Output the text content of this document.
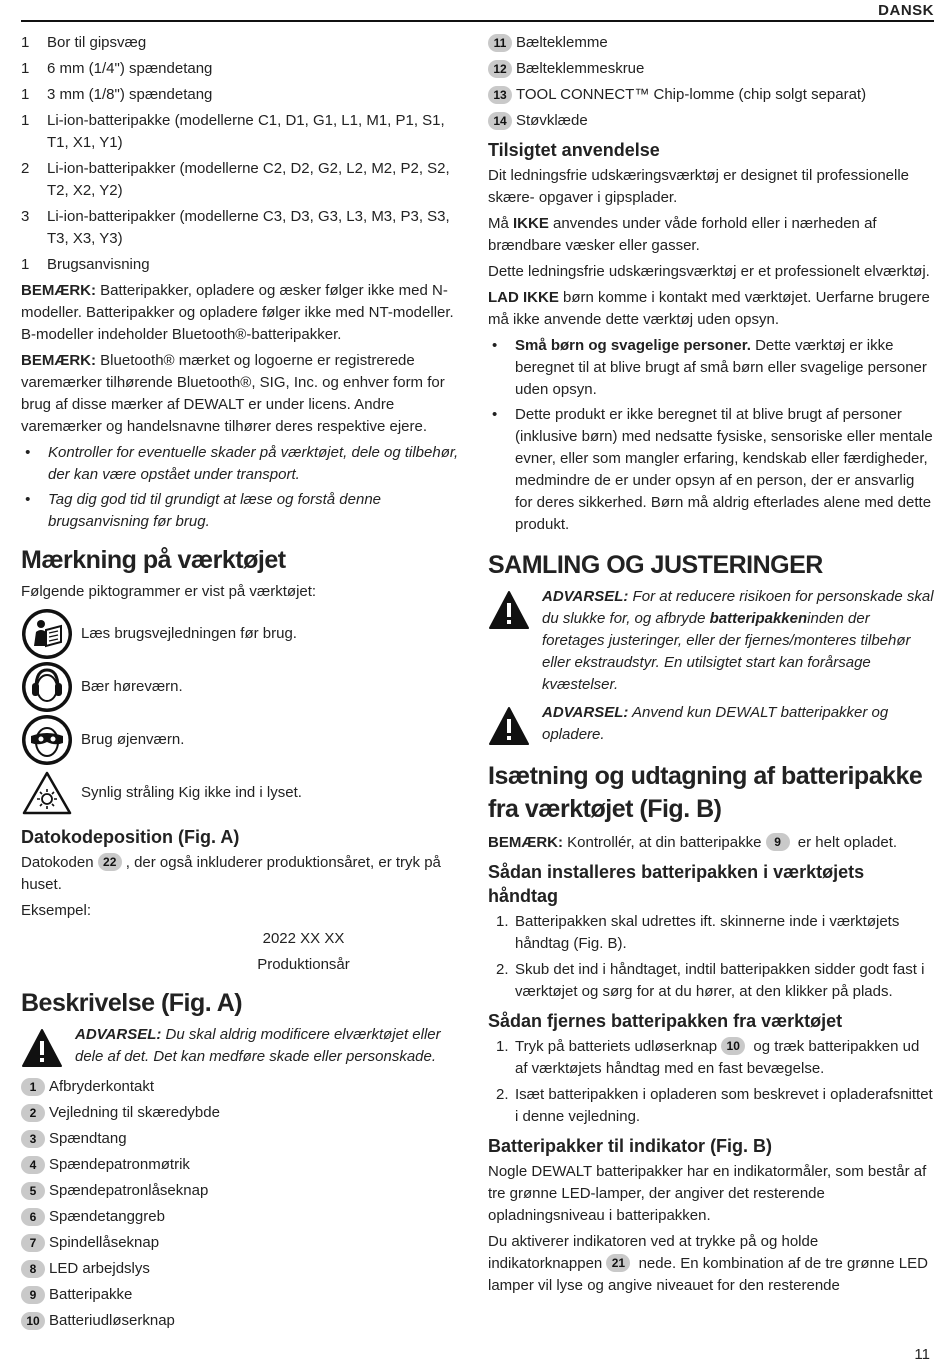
DANSK
1	Bor til gipsvæg
1	6 mm (1/4") spændetang
1	3 mm (1/8") spændetang
1	Li-ion-batteripakke (modellerne C1, D1, G1, L1, M1, P1, S1, T1, X1, Y1)
2	Li-ion-batteripakker (modellerne C2, D2, G2, L2, M2, P2, S2, T2, X2, Y2)
3	Li-ion-batteripakker (modellerne C3, D3, G3, L3, M3, P3, S3, T3, X3, Y3)
1	Brugsanvisning

BEMÆRK: Batteripakker, opladere og æsker følger ikke med N-modeller. Batteripakker og opladere følger ikke med NT-modeller. B-modeller indeholder Bluetooth®-batteripakker.

BEMÆRK: Bluetooth® mærket og logoerne er registrerede varemærker tilhørende Bluetooth®, SIG, Inc. og enhver form for brug af disse mærker af DEWALT er under licens. Andre varemærker og handelsnavne tilhører deres respektive ejere.

• Kontroller for eventuelle skader på værktøjet, dele og tilbehør, der kan være opstået under transport.
• Tag dig god tid til grundigt at læse og forstå denne brugsanvisning før brug.
Mærkning på værktøjet

Følgende piktogrammer er vist på værktøjet:

Læs brugsvejledningen før brug.
Bær høreværn.
Brug øjenværn.
Synlig stråling Kig ikke ind i lyset.
Datokodeposition (Fig. A)

Datokoden 22 , der også inkluderer produktionsåret, er tryk på huset.

Eksempel:

2022 XX XX
Produktionsår
Beskrivelse (Fig. A)
ADVARSEL: Du skal aldrig modificere elværktøjet eller dele af det. Det kan medføre skade eller personskade.
1 Afbryderkontakt
2 Vejledning til skæredybde
3 Spændtang
4 Spændepatronmøtrik
5 Spændepatronlåseknap
6 Spændetanggreb
7 Spindellåseknap
8 LED arbejdslys
9 Batteripakke
10 Batteriudløserknap
11 Bælteklemme
12 Bælteklemmeskrue
13 TOOL CONNECT™ Chip-lomme (chip solgt separat)
14 Støvklæde
Tilsigtet anvendelse

Dit ledningsfrie udskæringsværktøj er designet til professionelle skære- opgaver i gipsplader.

Må IKKE anvendes under våde forhold eller i nærheden af brændbare væsker eller gasser.

Dette ledningsfrie udskæringsværktøj er et professionelt elværktøj.

LAD IKKE børn komme i kontakt med værktøjet. Uerfarne brugere må ikke anvende dette værktøj uden opsyn.

• Små børn og svagelige personer. Dette værktøj er ikke beregnet til at blive brugt af små børn eller svagelige personer uden opsyn.
• Dette produkt er ikke beregnet til at blive brugt af personer (inklusive børn) med nedsatte fysiske, sensoriske eller mentale evner, eller som mangler erfaring, kendskab eller færdigheder, medmindre de er under opsyn af en person, der er ansvarlig for deres sikkerhed. Børn må aldrig efterlades alene med dette produkt.
SAMLING OG JUSTERINGER
ADVARSEL: For at reducere risikoen for personskade skal du slukke for, og afbryde batteripakkeninden der foretages justeringer, eller der fjernes/monteres tilbehør eller ekstraudstyr. En utilsigtet start kan forårsage kvæstelser.
ADVARSEL: Anvend kun DEWALT batteripakker og opladere.
Isætning og udtagning af batteripakke fra værktøjet (Fig. B)

BEMÆRK: Kontrollér, at din batteripakke 9 er helt opladet.

Sådan installeres batteripakken i værktøjets håndtag
1. Batteripakken skal udrettes ift. skinnerne inde i værktøjets håndtag (Fig. B).
2. Skub det ind i håndtaget, indtil batteripakken sidder godt fast i værktøjet og sørg for at du hører, at den klikker på plads.
Sådan fjernes batteripakken fra værktøjet
1. Tryk på batteriets udløserknap 10 og træk batteripakken ud af værktøjets håndtag med en fast bevægelse.
2. Isæt batteripakken i opladeren som beskrevet i opladerafsnittet i denne vejledning.
Batteripakker til indikator (Fig. B)

Nogle DEWALT batteripakker har en indikatormåler, som består af tre grønne LED-lamper, der angiver det resterende opladningsniveau i batteripakken.

Du aktiverer indikatoren ved at trykke på og holde indikatorknappen 21 nede. En kombination af de tre grønne LED lamper vil lyse og angive niveauet for den resterende

11
